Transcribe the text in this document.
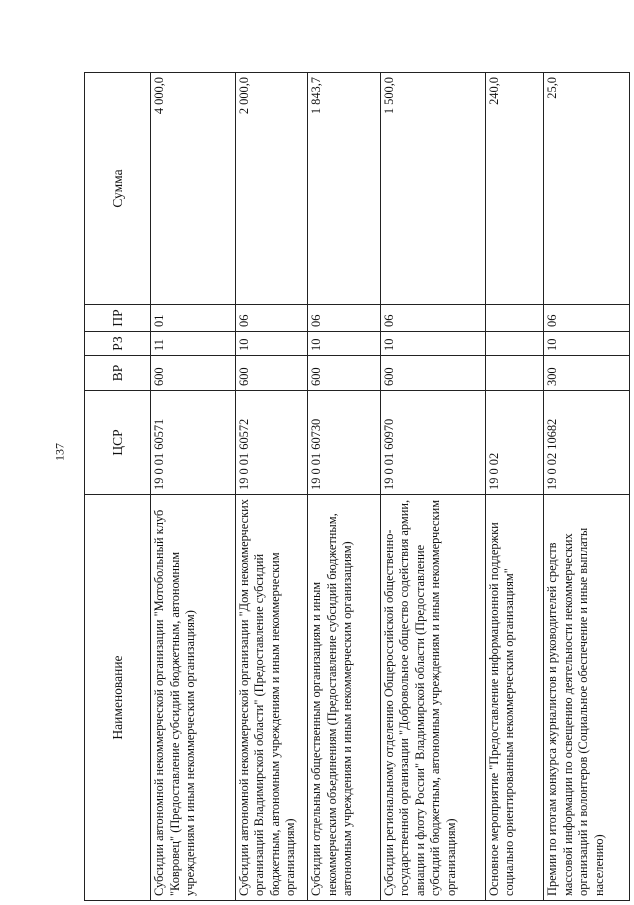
137
Наименование	ЦСР	ВР	РЗ	ПР	Сумма
Субсидии автономной некоммерческой организации "Мотобольный клуб "Ковровец" (Предоставление субсидий бюджетным, автономным учреждениям и иным некоммерческим организациям)	19 0 01 60571	600	11	01	4 000,0
Субсидии автономной некоммерческой организации "Дом некоммерческих организаций Владимирской области" (Предоставление субсидий бюджетным, автономным учреждениям и иным некоммерческим организациям)	19 0 01 60572	600	10	06	2 000,0
Субсидии отдельным общественным организациям и иным некоммерческим объединениям (Предоставление субсидий бюджетным, автономным учреждениям и иным некоммерческим организациям)	19 0 01 60730	600	10	06	1 843,7
Субсидии региональному отделению Общероссийской общественно-государственной организации "Добровольное общество содействия армии, авиации и флоту России" Владимирской области (Предоставление субсидий бюджетным, автономным учреждениям и иным некоммерческим организациям)	19 0 01 60970	600	10	06	1 500,0
Основное мероприятие "Предоставление информационной поддержки социально ориентированным некоммерческим организациям"	19 0 02				240,0
Премии по итогам конкурса журналистов и руководителей средств массовой информации по освещению деятельности некоммерческих организаций и волонтеров (Социальное обеспечение и иные выплаты населению)	19 0 02 10682	300	10	06	25,0
